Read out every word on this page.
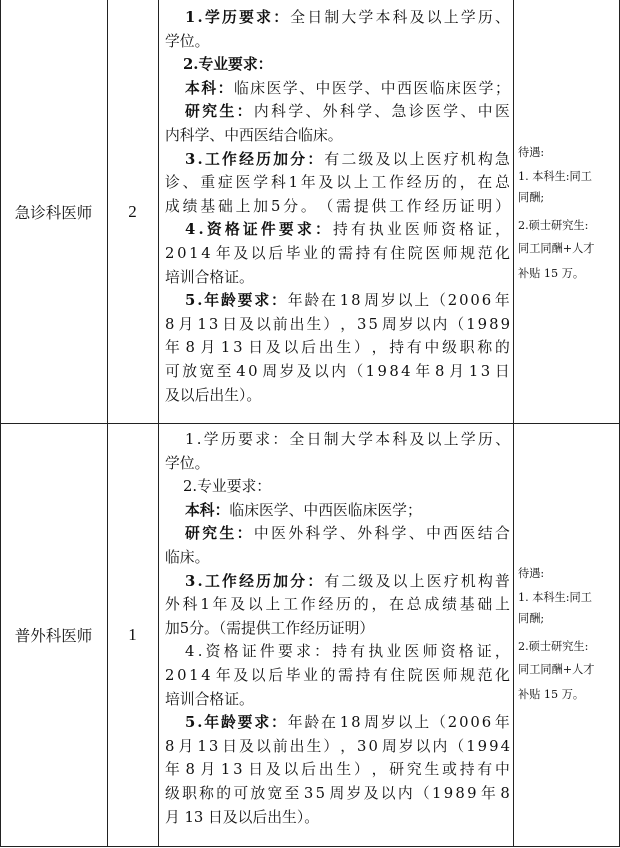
急诊科医师	2
1 . 学 历 要 求 ： 全 日 制 大 学 本 科 及 以 上 学 历 、
学位。
2.专业要求：
本 科 ： 临 床 医 学 、 中 医 学 、 中 西 医 临 床 医 学 ；
研 究 生 ： 内 科 学 、 外 科 学 、 急 诊 医 学 、 中 医
内科学、中西医结合临床。
3 . 工 作 经 历 加 分 ： 有 二 级 及 以 上 医 疗 机 构 急
诊 、 重 症 医 学 科 1 年 及 以 上 工 作 经 历 的 ， 在 总
成 绩 基 础 上 加 5 分 。 （ 需 提 供 工 作 经 历 证 明 ）
4 . 资 格 证 件 要 求 ： 持 有 执 业 医 师 资 格 证 ，
2 0 1 4 年 及 以 后 毕 业 的 需 持 有 住 院 医 师 规 范 化
培训合格证。
5 . 年 龄 要 求 ： 年 龄 在 1 8 周 岁 以 上 （ 2 0 0 6 年
8 月 1 3 日 及 以 前 出 生 ） ， 3 5 周 岁 以 内 （ 1 9 8 9
年 8 月 1 3 日 及 以 后 出 生 ） ， 持 有 中 级 职 称 的
可 放 宽 至 4 0 周 岁 及 以 内 （ 1 9 8 4 年 8 月 1 3 日
及以后出生）。
待遇:
1. 本科生:同工
同酬;
2.硕士研究生:
同工同酬+人才
补贴 15 万。
普外科医师	1
1 . 学 历 要 求 ： 全 日 制 大 学 本 科 及 以 上 学 历 、
学位。
2.专业要求：
本科：临床医学、中西医临床医学；
研 究 生 ： 中 医 外 科 学 、 外 科 学 、 中 西 医 结 合
临床。
3 . 工 作 经 历 加 分 ： 有 二 级 及 以 上 医 疗 机 构 普
外 科 1 年 及 以 上 工 作 经 历 的 ， 在 总 成 绩 基 础 上
加5分。（需提供工作经历证明）
4 . 资 格 证 件 要 求 ： 持 有 执 业 医 师 资 格 证 ，
2 0 1 4 年 及 以 后 毕 业 的 需 持 有 住 院 医 师 规 范 化
培训合格证。
5 . 年 龄 要 求 ： 年 龄 在 1 8 周 岁 以 上 （ 2 0 0 6 年
8 月 1 3 日 及 以 前 出 生 ） ， 3 0 周 岁 以 内 （ 1 9 9 4
年 8 月 1 3 日 及 以 后 出 生 ） ， 研 究 生 或 持 有 中
级 职 称 的 可 放 宽 至 3 5 周 岁 及 以 内 （ 1 9 8 9 年 8
月 13 日及以后出生）。
待遇:
1. 本科生:同工
同酬;
2.硕士研究生:
同工同酬+人才
补贴 15 万。
